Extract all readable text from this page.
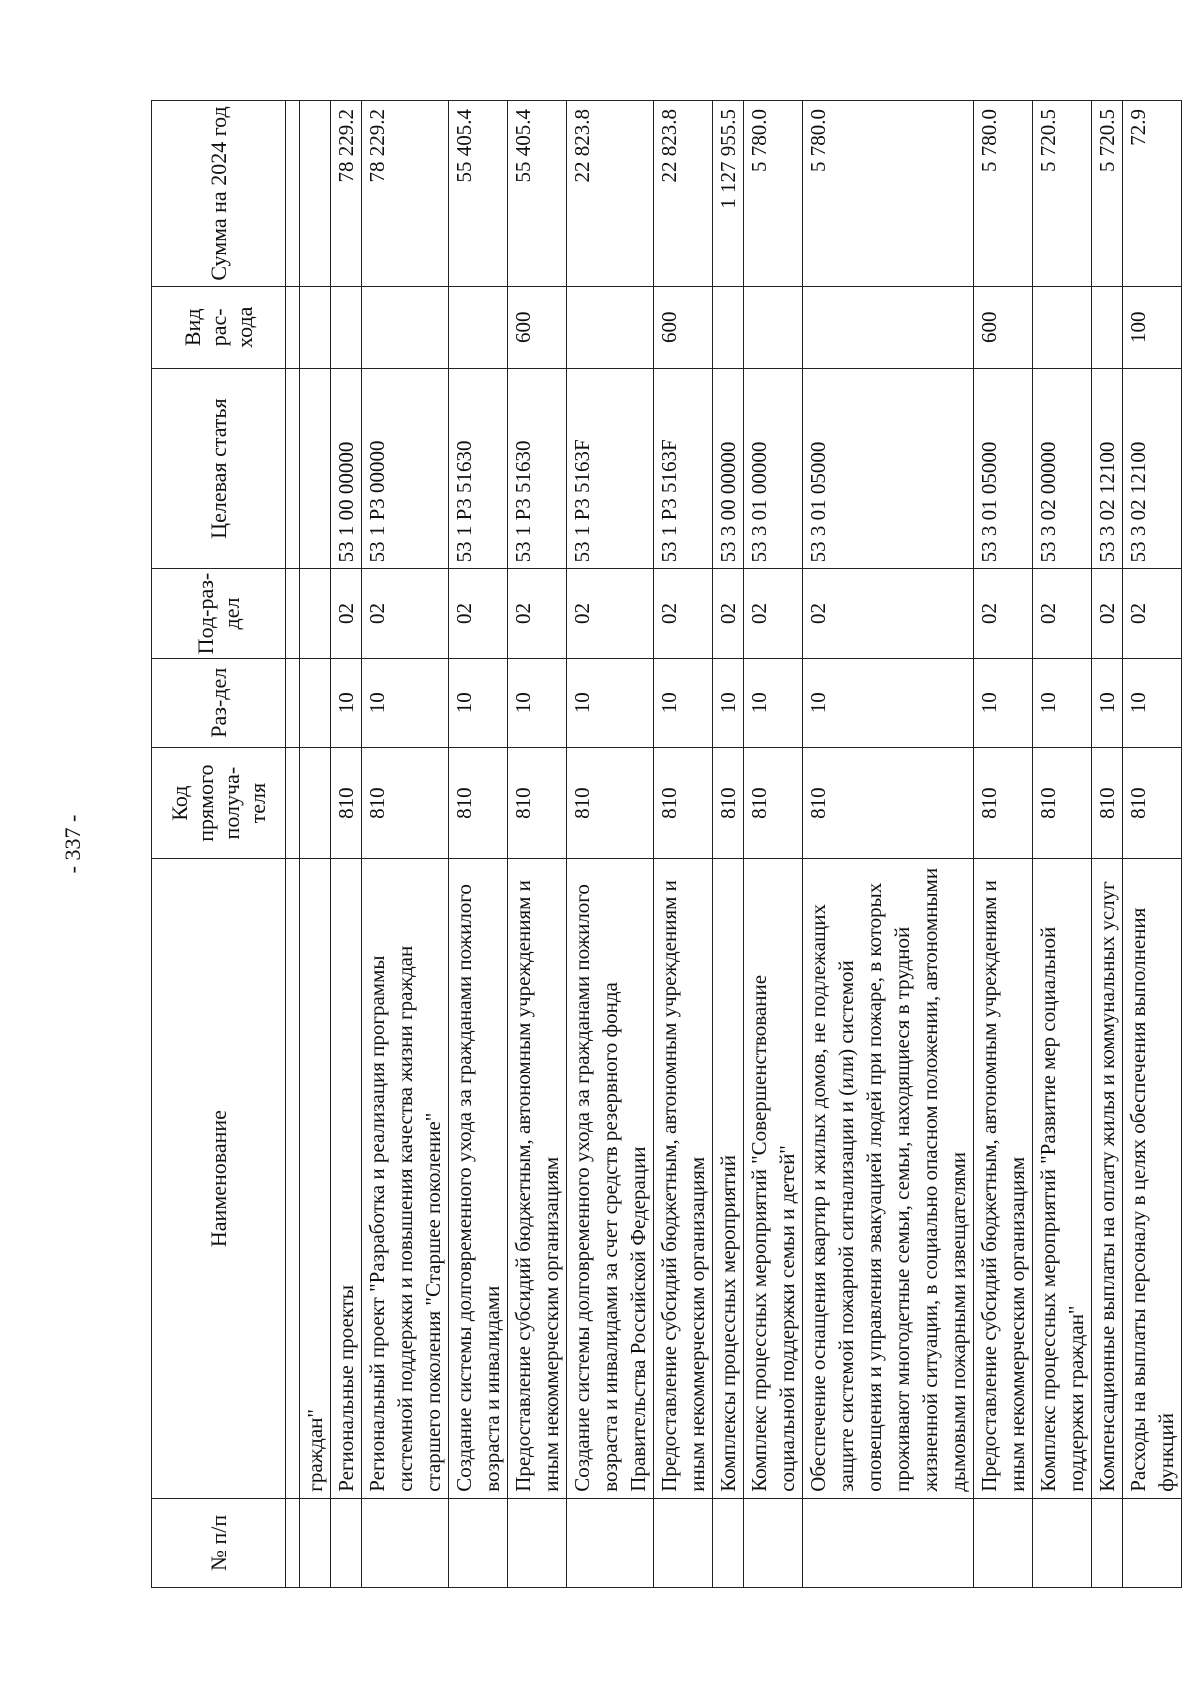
- 337 -
№ п/п	Наименование	Код прямого получа-теля	Раз-дел	Под-раз-дел	Целевая статья	Вид рас-хода	Сумма на 2024 год

	граждан"						
	Региональные проекты	810	10	02	53 1 00 00000		78 229.2
	Региональный проект "Разработка и реализация программы системной поддержки и повышения качества жизни граждан старшего поколения "Старшее поколение"	810	10	02	53 1 Р3 00000		78 229.2
	Создание системы долговременного ухода за гражданами пожилого возраста и инвалидами	810	10	02	53 1 Р3 51630		55 405.4
	Предоставление субсидий бюджетным, автономным учреждениям и иным некоммерческим организациям	810	10	02	53 1 Р3 51630	600	55 405.4
	Создание системы долговременного ухода за гражданами пожилого возраста и инвалидами за счет средств резервного фонда Правительства Российской Федерации	810	10	02	53 1 Р3 5163F		22 823.8
	Предоставление субсидий бюджетным, автономным учреждениям и иным некоммерческим организациям	810	10	02	53 1 Р3 5163F	600	22 823.8
	Комплексы процессных мероприятий	810	10	02	53 3 00 00000		1 127 955.5
	Комплекс процессных мероприятий "Совершенствование социальной поддержки семьи и детей"	810	10	02	53 3 01 00000		5 780.0
	Обеспечение оснащения квартир и жилых домов, не подлежащих защите системой пожарной сигнализации и (или) системой оповещения и управления эвакуацией людей при пожаре, в которых проживают многодетные семьи, семьи, находящиеся в трудной жизненной ситуации, в социально опасном положении, автономными дымовыми пожарными извещателями	810	10	02	53 3 01 05000		5 780.0
	Предоставление субсидий бюджетным, автономным учреждениям и иным некоммерческим организациям	810	10	02	53 3 01 05000	600	5 780.0
	Комплекс процессных мероприятий "Развитие мер социальной поддержки граждан"	810	10	02	53 3 02 00000		5 720.5
	Компенсационные выплаты на оплату жилья и коммунальных услуг	810	10	02	53 3 02 12100		5 720.5
	Расходы на выплаты персоналу в целях обеспечения выполнения функций	810	10	02	53 3 02 12100	100	72.9
